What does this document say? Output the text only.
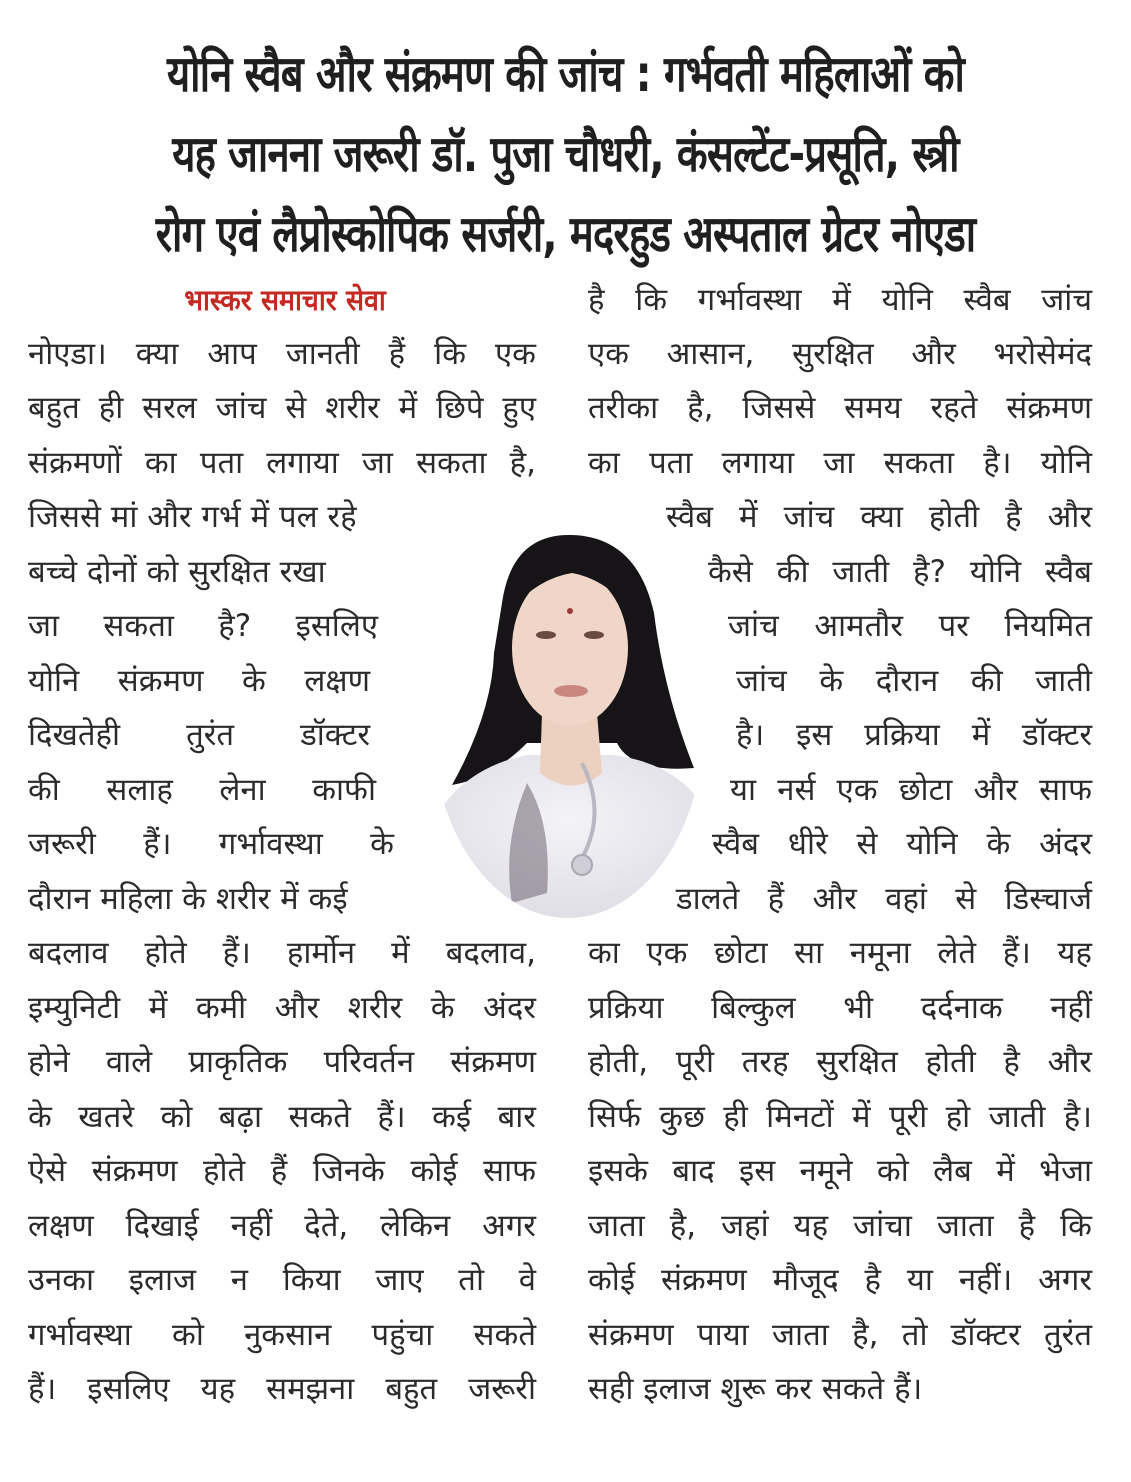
योनि स्वैब और संक्रमण की जांच : गर्भवती महिलाओं को
यह जानना जरूरी डॉ. पुजा चौधरी, कंसल्टेंट-प्रसूति, स्त्री
रोग एवं लैप्रोस्कोपिक सर्जरी, मदरहुड अस्पताल ग्रेटर नोएडा
भास्कर समाचार सेवा
नोएडा। क्या आप जानती हैं कि एक
बहुत ही सरल जांच से शरीर में छिपे हुए
संक्रमणों का पता लगाया जा सकता है,
जिससे मां और गर्भ में पल रहे
बच्चे दोनों को सुरक्षित रखा
जा सकता है? इसलिए
योनि संक्रमण के लक्षण
दिखतेही तुरंत डॉक्टर
की सलाह लेना काफी
जरूरी हैं। गर्भावस्था के
दौरान महिला के शरीर में कई
बदलाव होते हैं। हार्मोन में बदलाव,
इम्युनिटी में कमी और शरीर के अंदर
होने वाले प्राकृतिक परिवर्तन संक्रमण
के खतरे को बढ़ा सकते हैं। कई बार
ऐसे संक्रमण होते हैं जिनके कोई साफ
लक्षण दिखाई नहीं देते, लेकिन अगर
उनका इलाज न किया जाए तो वे
गर्भावस्था को नुकसान पहुंचा सकते
हैं। इसलिए यह समझना बहुत जरूरी
है कि गर्भावस्था में योनि स्वैब जांच
एक आसान, सुरक्षित और भरोसेमंद
तरीका है, जिससे समय रहते संक्रमण
का पता लगाया जा सकता है। योनि
स्वैब में जांच क्या होती है और
कैसे की जाती है? योनि स्वैब
जांच आमतौर पर नियमित
जांच के दौरान की जाती
है। इस प्रक्रिया में डॉक्टर
या नर्स एक छोटा और साफ
स्वैब धीरे से योनि के अंदर
डालते हैं और वहां से डिस्चार्ज
का एक छोटा सा नमूना लेते हैं। यह
प्रक्रिया बिल्कुल भी दर्दनाक नहीं
होती, पूरी तरह सुरक्षित होती है और
सिर्फ कुछ ही मिनटों में पूरी हो जाती है।
इसके बाद इस नमूने को लैब में भेजा
जाता है, जहां यह जांचा जाता है कि
कोई संक्रमण मौजूद है या नहीं। अगर
संक्रमण पाया जाता है, तो डॉक्टर तुरंत
सही इलाज शुरू कर सकते हैं।
